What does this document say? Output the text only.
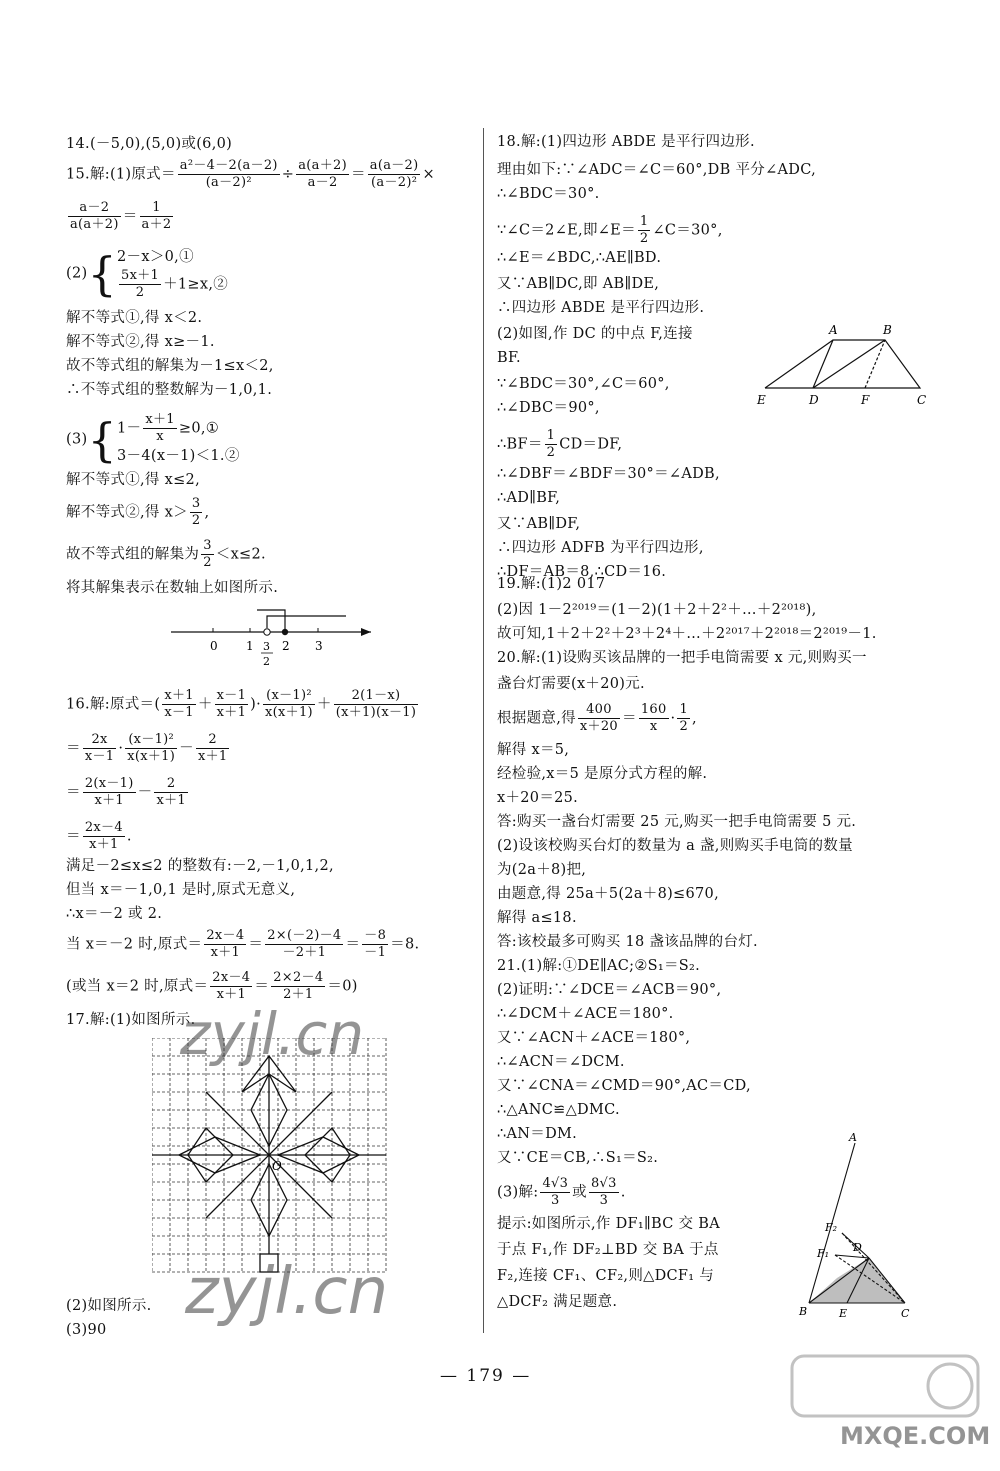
14.(－5,0),(5,0)或(6,0)
15.解:(1)原式＝ $\frac{\text{a²－4－2(a－2)}}{\text{(a－2)²}} \div \frac{a(a+2)}{a-2} = \frac{a(a-2)}{\text{(a－2)²}}$ ×
$\frac{a-2}{a(a+2)} = \frac{1}{a+2}$
(2){ 2－x＞0,①
$\frac{5x+1}{2}$ ＋1≥x,②
解不等式①,得 x＜2.
解不等式②,得 x≥－1.
故不等式组的解集为－1≤x＜2,
∴不等式组的整数解为－1,0,1.
(3){ $1- \frac{x+1}{x}$ ≥0,①
3－4(x－1)＜1.②
解不等式①,得 x≤2,
解不等式②,得 $x> \frac{3}{2}$ ,
故不等式组的解集为 $\frac{3}{2} <x\le 2$.
将其解集表示在数轴上如图所示.
0 1 2 3
3
2
16.解:原式＝( $\frac{x+1}{x-1} + \frac{x-1}{x+1}$ )· $\frac{\text{(x－1)²}}{x(x+1)} + \frac{2(1-x)}{(x+1)(x-1)}$
＝ $\frac{2x}{x-1} \cdot \frac{\text{(x－1)²}}{x(x+1)} - \frac{2}{x+1}$
＝ $\frac{2(x-1)}{x+1} - \frac{2}{x+1}$
＝ $\frac{2x-4}{x+1}$ .
满足－2≤x≤2 的整数有:－2,－1,0,1,2,
但当 x＝－1,0,1 是时,原式无意义,
∴x＝－2 或 2.
当 x＝－2 时,原式＝ $\frac{2x-4}{x+1} = \frac{2\times(-2)-4}{-2+1} = \frac{-8}{-1} =8$.
(或当 x＝2 时,原式＝ $\frac{2x-4}{x+1} = \frac{2\times 2-4}{2+1} =0$)
17.解:(1)如图所示.
O
(2)如图所示.
(3)90
18.解:(1)四边形 ABDE 是平行四边形.
理由如下:∵∠ADC＝∠C＝60°,DB 平分∠ADC,
∴∠BDC＝30°.
∵∠C＝2∠E,即∠E＝ $\frac{1}{2}$ ∠C＝30°,
∴∠E＝∠BDC,∴AE∥BD.
又∵AB∥DC,即 AB∥DE,
∴四边形 ABDE 是平行四边形.
(2)如图,作 DC 的中点 F,连接
BF.
∵∠BDC＝30°,∠C＝60°,
∴∠DBC＝90°,
∴BF＝ $\frac{1}{2} CD=DF$,
∴∠DBF＝∠BDF＝30°＝∠ADB,
∴AD∥BF,
又∵AB∥DF,
∴四边形 ADFB 为平行四边形,
∴DF＝AB＝8,∴CD＝16.
A	B
E	D	F	C
19.解:(1)2 017
(2)因 1－2²⁰¹⁹＝(1－2)(1＋2＋2²＋…＋2²⁰¹⁸),
故可知,1＋2＋2²＋2³＋2⁴＋…＋2²⁰¹⁷＋2²⁰¹⁸＝2²⁰¹⁹－1.
20.解:(1)设购买该品牌的一把手电筒需要 x 元,则购买一
盏台灯需要(x＋20)元.
根据题意,得 $\frac{400}{x+20} = \frac{160}{x} \cdot \frac{1}{2}$ ,
解得 x＝5,
经检验,x＝5 是原分式方程的解.
x＋20＝25.
答:购买一盏台灯需要 25 元,购买一把手电筒需要 5 元.
(2)设该校购买台灯的数量为 a 盏,则购买手电筒的数量
为(2a＋8)把,
由题意,得 25a＋5(2a＋8)≤670,
解得 a≤18.
答:该校最多可购买 18 盏该品牌的台灯.
21.(1)解:①DE∥AC;②S₁＝S₂.
(2)证明:∵∠DCE＝∠ACB＝90°,
∴∠DCM＋∠ACE＝180°.
又∵∠ACN＋∠ACE＝180°,
∴∠ACN＝∠DCM.
又∵∠CNA＝∠CMD＝90°,AC＝CD,
∴△ANC≌△DMC.
∴AN＝DM.
又∵CE＝CB,∴S₁＝S₂.
(3)解: $\frac{4√3}{3}$ 或 $\frac{8√3}{3}$ .
提示:如图所示,作 DF₁∥BC 交 BA
于点 F₁,作 DF₂⊥BD 交 BA 于点
F₂,连接 CF₁、CF₂,则△DCF₁ 与
△DCF₂ 满足题意.
A
F₂
F₁ D
B	E	C
zyjl.cn
zyjl.cn
MXQE.COM
— 179 —
